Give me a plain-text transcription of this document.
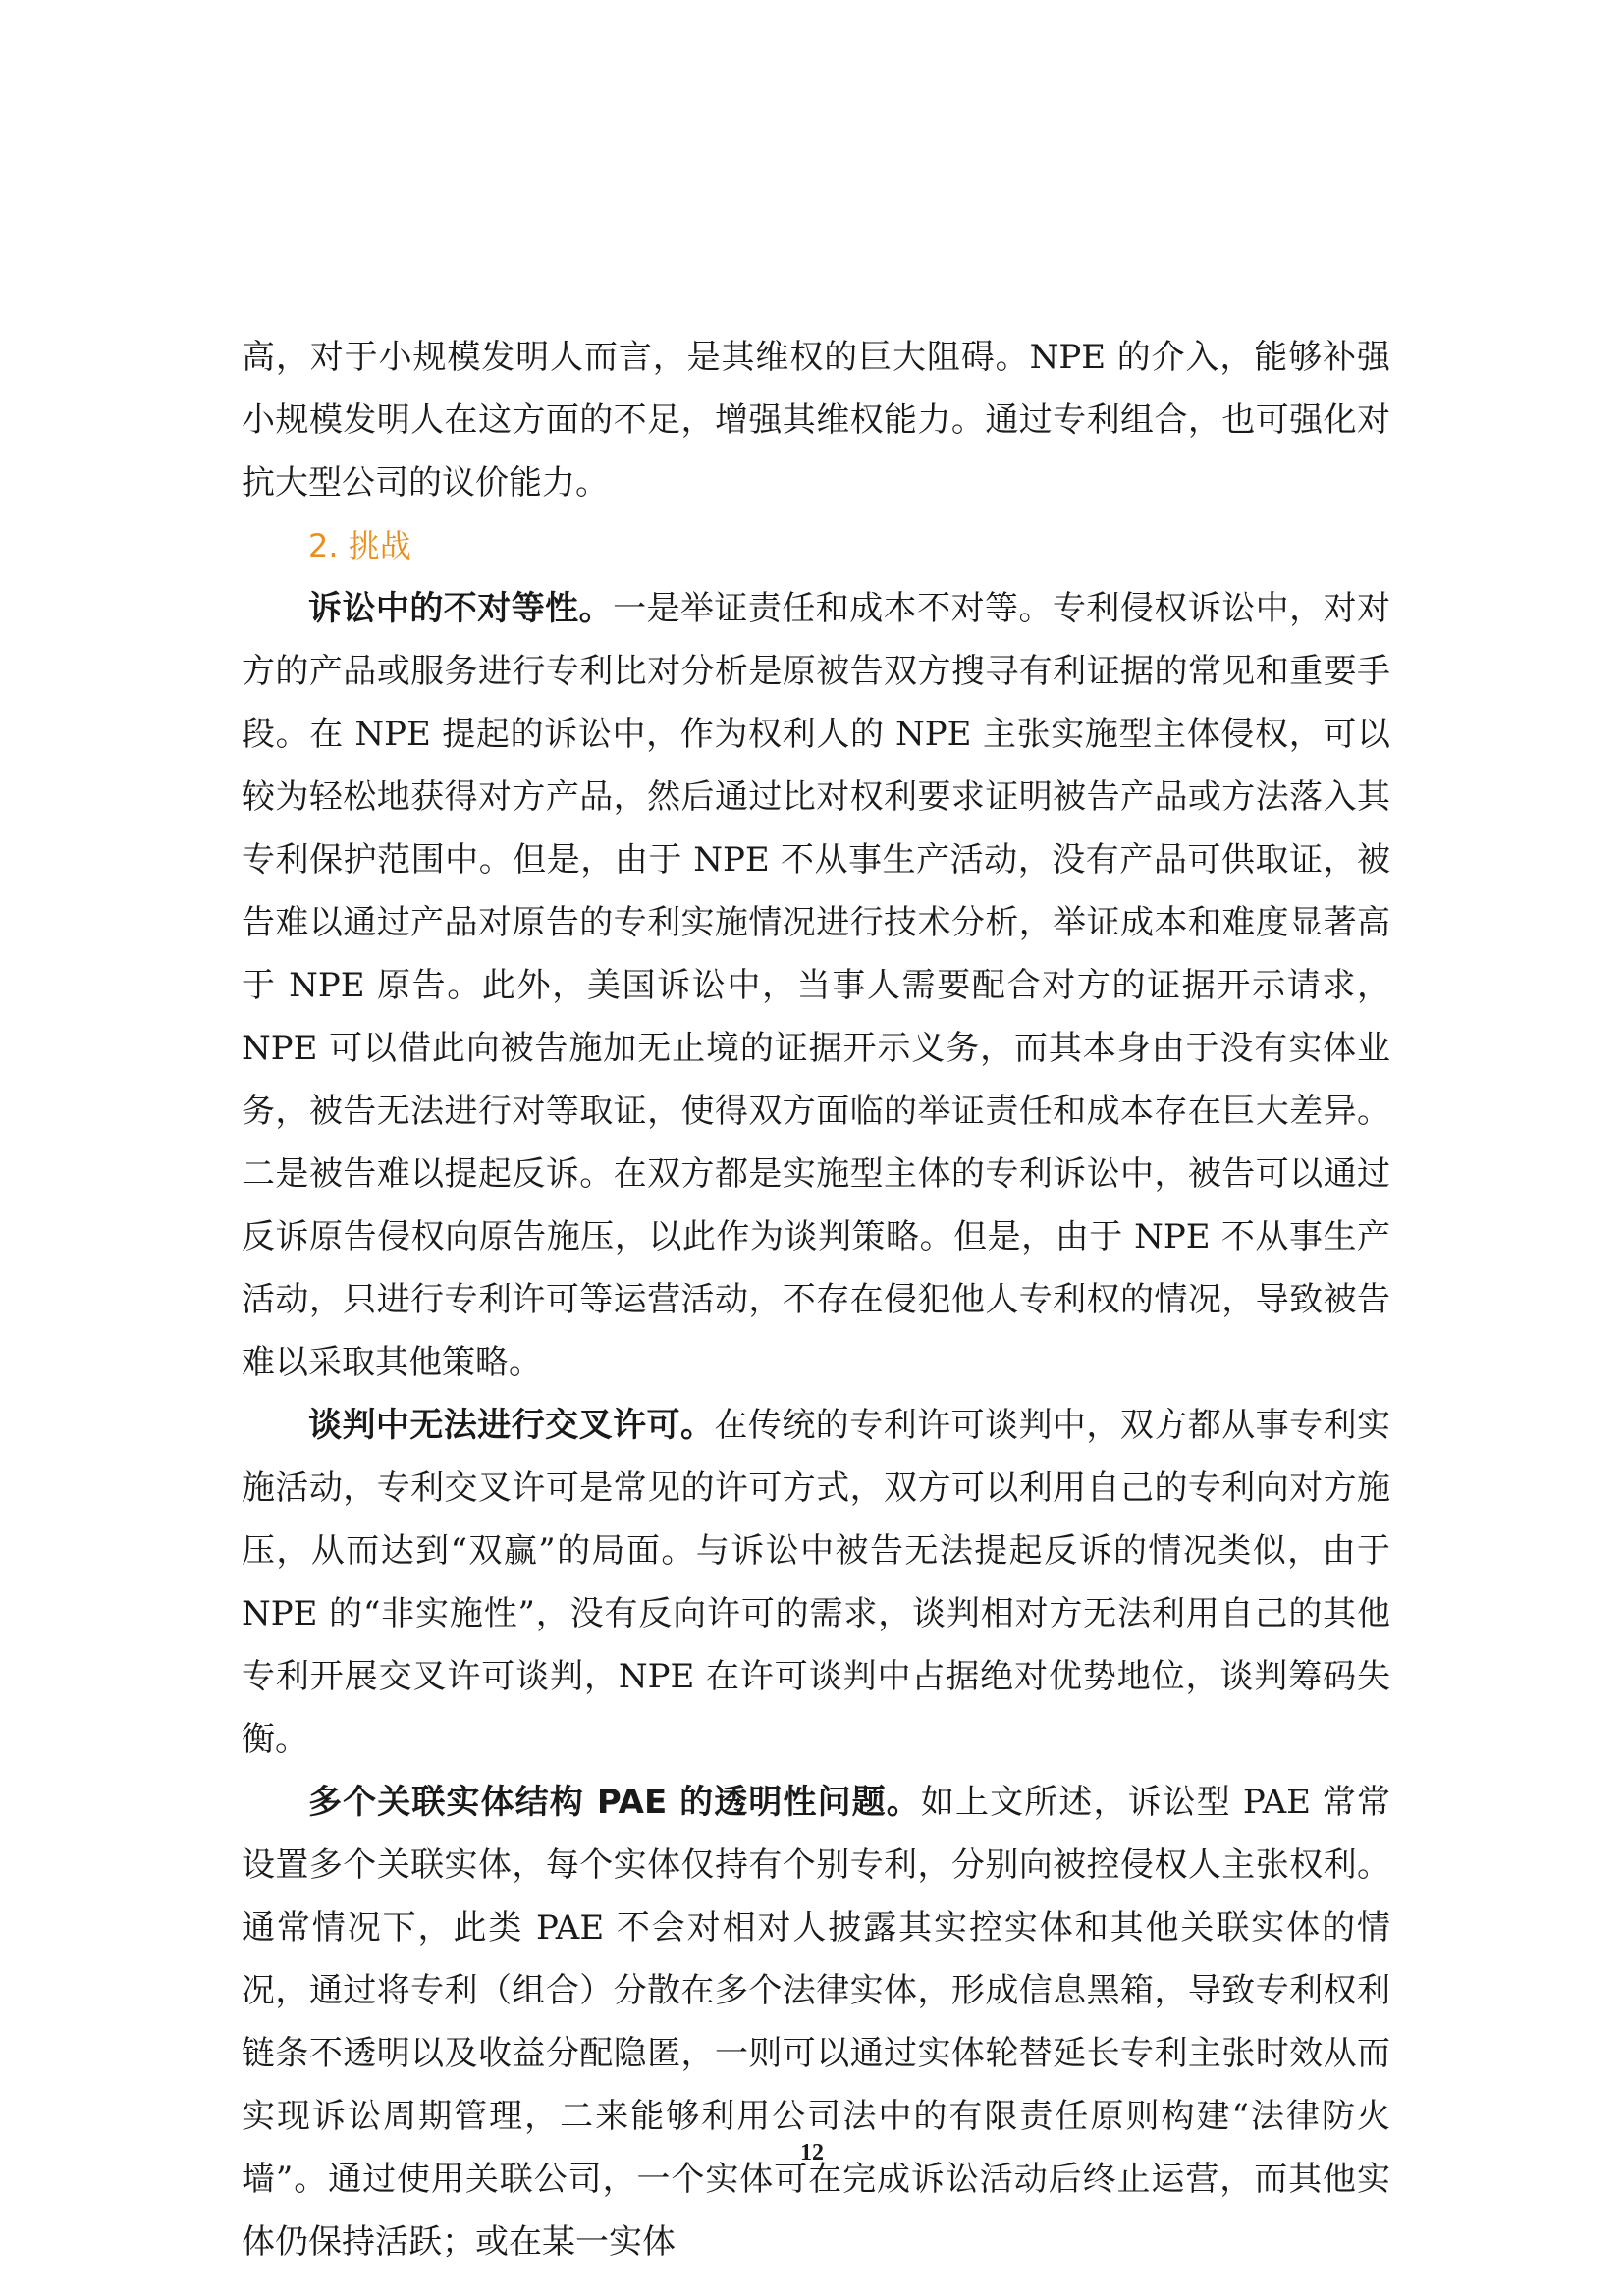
高，对于小规模发明人而言，是其维权的巨大阻碍。NPE 的介入，能够补强小规模发明人在这方面的不足，增强其维权能力。通过专利组合，也可强化对抗大型公司的议价能力。

2. 挑战

诉讼中的不对等性。一是举证责任和成本不对等。专利侵权诉讼中，对对方的产品或服务进行专利比对分析是原被告双方搜寻有利证据的常见和重要手段。在 NPE 提起的诉讼中，作为权利人的 NPE 主张实施型主体侵权，可以较为轻松地获得对方产品，然后通过比对权利要求证明被告产品或方法落入其专利保护范围中。但是，由于 NPE 不从事生产活动，没有产品可供取证，被告难以通过产品对原告的专利实施情况进行技术分析，举证成本和难度显著高于 NPE 原告。此外，美国诉讼中，当事人需要配合对方的证据开示请求，NPE 可以借此向被告施加无止境的证据开示义务，而其本身由于没有实体业务，被告无法进行对等取证，使得双方面临的举证责任和成本存在巨大差异。二是被告难以提起反诉。在双方都是实施型主体的专利诉讼中，被告可以通过反诉原告侵权向原告施压，以此作为谈判策略。但是，由于 NPE 不从事生产活动，只进行专利许可等运营活动，不存在侵犯他人专利权的情况，导致被告难以采取其他策略。

谈判中无法进行交叉许可。在传统的专利许可谈判中，双方都从事专利实施活动，专利交叉许可是常见的许可方式，双方可以利用自己的专利向对方施压，从而达到“双赢”的局面。与诉讼中被告无法提起反诉的情况类似，由于 NPE 的“非实施性”，没有反向许可的需求，谈判相对方无法利用自己的其他专利开展交叉许可谈判，NPE 在许可谈判中占据绝对优势地位，谈判筹码失衡。

多个关联实体结构 PAE 的透明性问题。如上文所述，诉讼型 PAE 常常设置多个关联实体，每个实体仅持有个别专利，分别向被控侵权人主张权利。通常情况下，此类 PAE 不会对相对人披露其实控实体和其他关联实体的情况，通过将专利（组合）分散在多个法律实体，形成信息黑箱，导致专利权利链条不透明以及收益分配隐匿，一则可以通过实体轮替延长专利主张时效从而实现诉讼周期管理，二来能够利用公司法中的有限责任原则构建“法律防火墙”。通过使用关联公司，一个实体可在完成诉讼活动后终止运营，而其他实体仍保持活跃；或在某一实体

12
